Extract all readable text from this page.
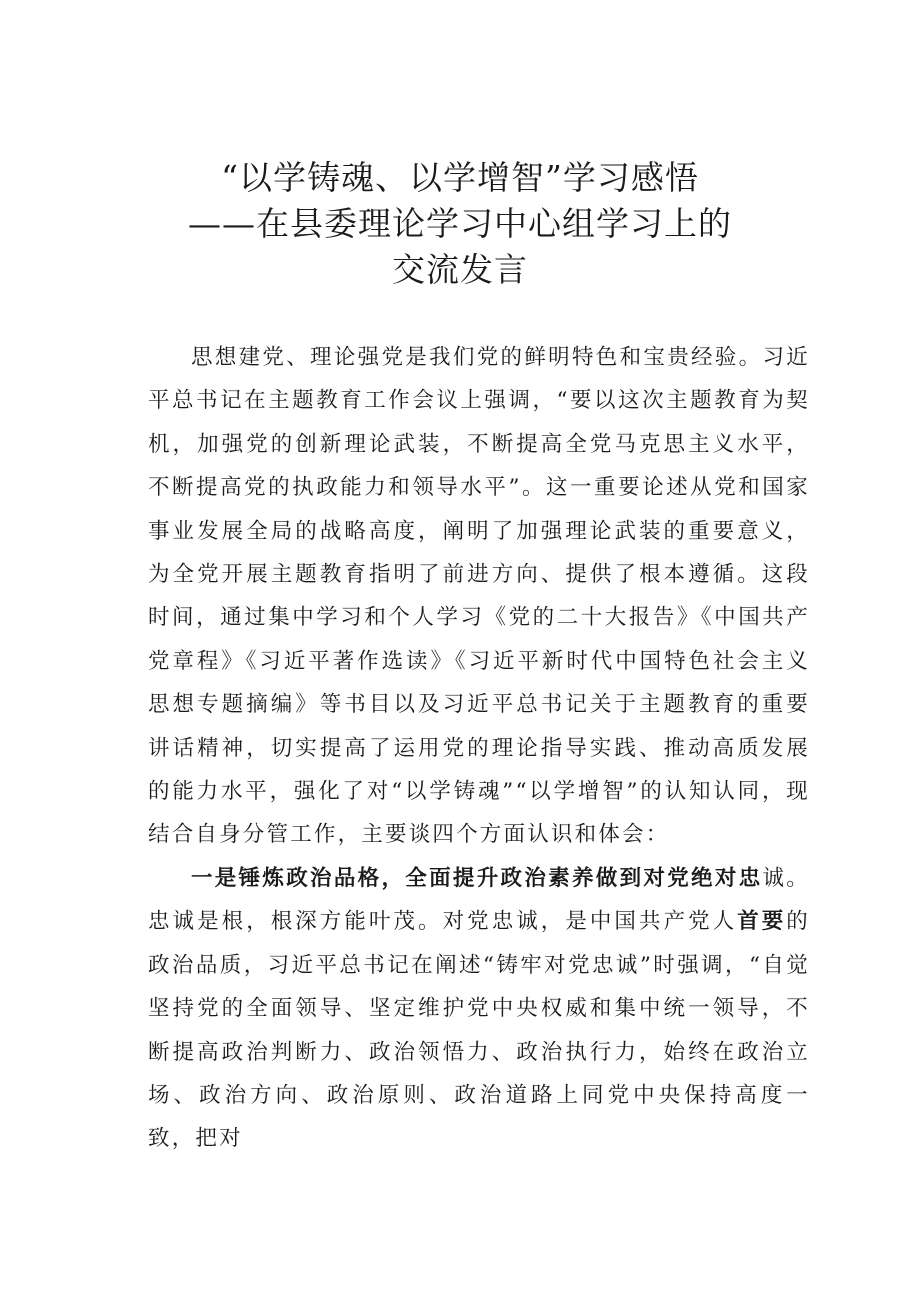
“以学铸魂、以学增智”学习感悟
——在县委理论学习中心组学习上的
交流发言

思想建党、理论强党是我们党的鲜明特色和宝贵经验。习近平总书记在主题教育工作会议上强调，“要以这次主题教育为契机，加强党的创新理论武装，不断提高全党马克思主义水平，不断提高党的执政能力和领导水平”。这一重要论述从党和国家事业发展全局的战略高度，阐明了加强理论武装的重要意义，为全党开展主题教育指明了前进方向、提供了根本遵循。这段时间，通过集中学习和个人学习《党的二十大报告》《中国共产党章程》《习近平著作选读》《习近平新时代中国特色社会主义思想专题摘编》等书目以及习近平总书记关于主题教育的重要讲话精神，切实提高了运用党的理论指导实践、推动高质发展的能力水平，强化了对“以学铸魂”“以学增智”的认知认同，现结合自身分管工作，主要谈四个方面认识和体会：

一是锤炼政治品格，全面提升政治素养做到对党绝对忠诚。忠诚是根，根深方能叶茂。对党忠诚，是中国共产党人首要的政治品质，习近平总书记在阐述“铸牢对党忠诚”时强调，“自觉坚持党的全面领导、坚定维护党中央权威和集中统一领导，不断提高政治判断力、政治领悟力、政治执行力，始终在政治立场、政治方向、政治原则、政治道路上同党中央保持高度一致，把对
